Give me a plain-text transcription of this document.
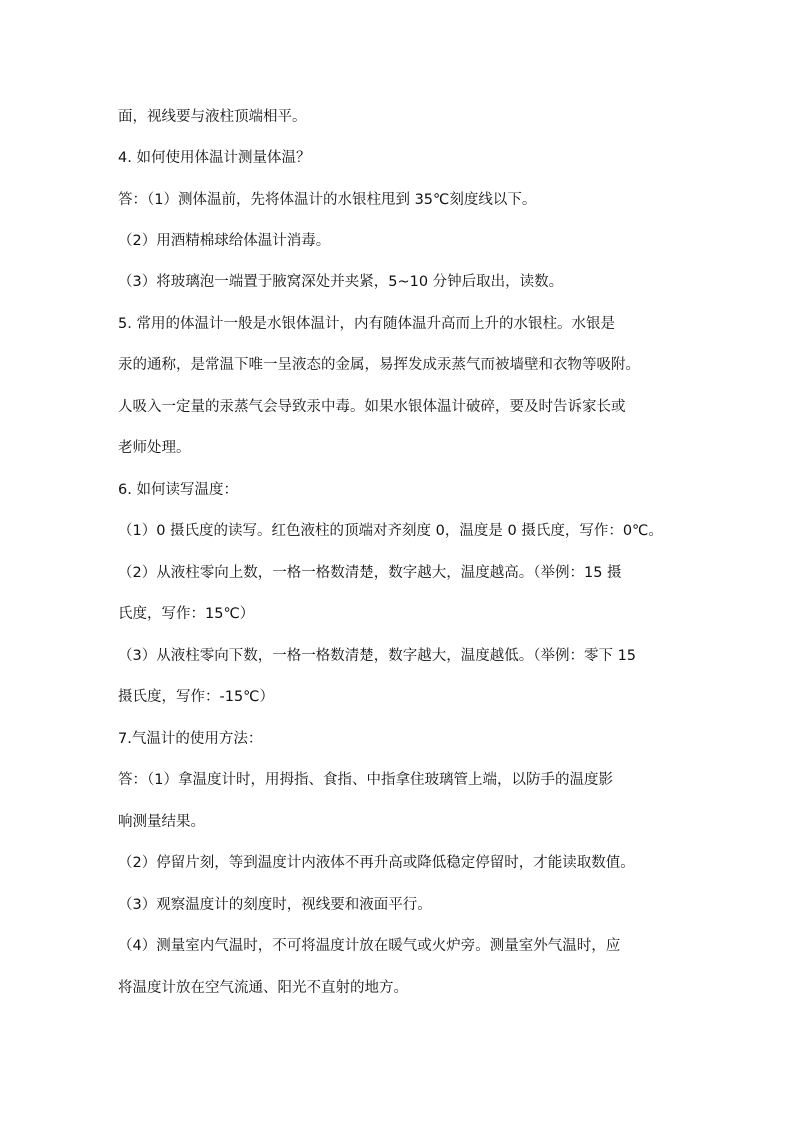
面，视线要与液柱顶端相平。
4. 如何使用体温计测量体温？
答：（1）测体温前，先将体温计的水银柱甩到 35℃刻度线以下。
（2）用酒精棉球给体温计消毒。
（3）将玻璃泡一端置于腋窝深处并夹紧，5~10 分钟后取出，读数。
5. 常用的体温计一般是水银体温计，内有随体温升高而上升的水银柱。水银是
汞的通称，是常温下唯一呈液态的金属，易挥发成汞蒸气而被墙壁和衣物等吸附。
人吸入一定量的汞蒸气会导致汞中毒。如果水银体温计破碎，要及时告诉家长或
老师处理。
6. 如何读写温度：
（1）0 摄氏度的读写。红色液柱的顶端对齐刻度 0，温度是 0 摄氏度，写作：0℃。
（2）从液柱零向上数，一格一格数清楚，数字越大，温度越高。（举例：15 摄
氏度，写作：15℃）
（3）从液柱零向下数，一格一格数清楚，数字越大，温度越低。（举例：零下 15
摄氏度，写作：-15℃）
7.气温计的使用方法：
答：（1）拿温度计时，用拇指、食指、中指拿住玻璃管上端，以防手的温度影
响测量结果。
（2）停留片刻，等到温度计内液体不再升高或降低稳定停留时，才能读取数值。
（3）观察温度计的刻度时，视线要和液面平行。
（4）测量室内气温时，不可将温度计放在暖气或火炉旁。测量室外气温时，应
将温度计放在空气流通、阳光不直射的地方。
